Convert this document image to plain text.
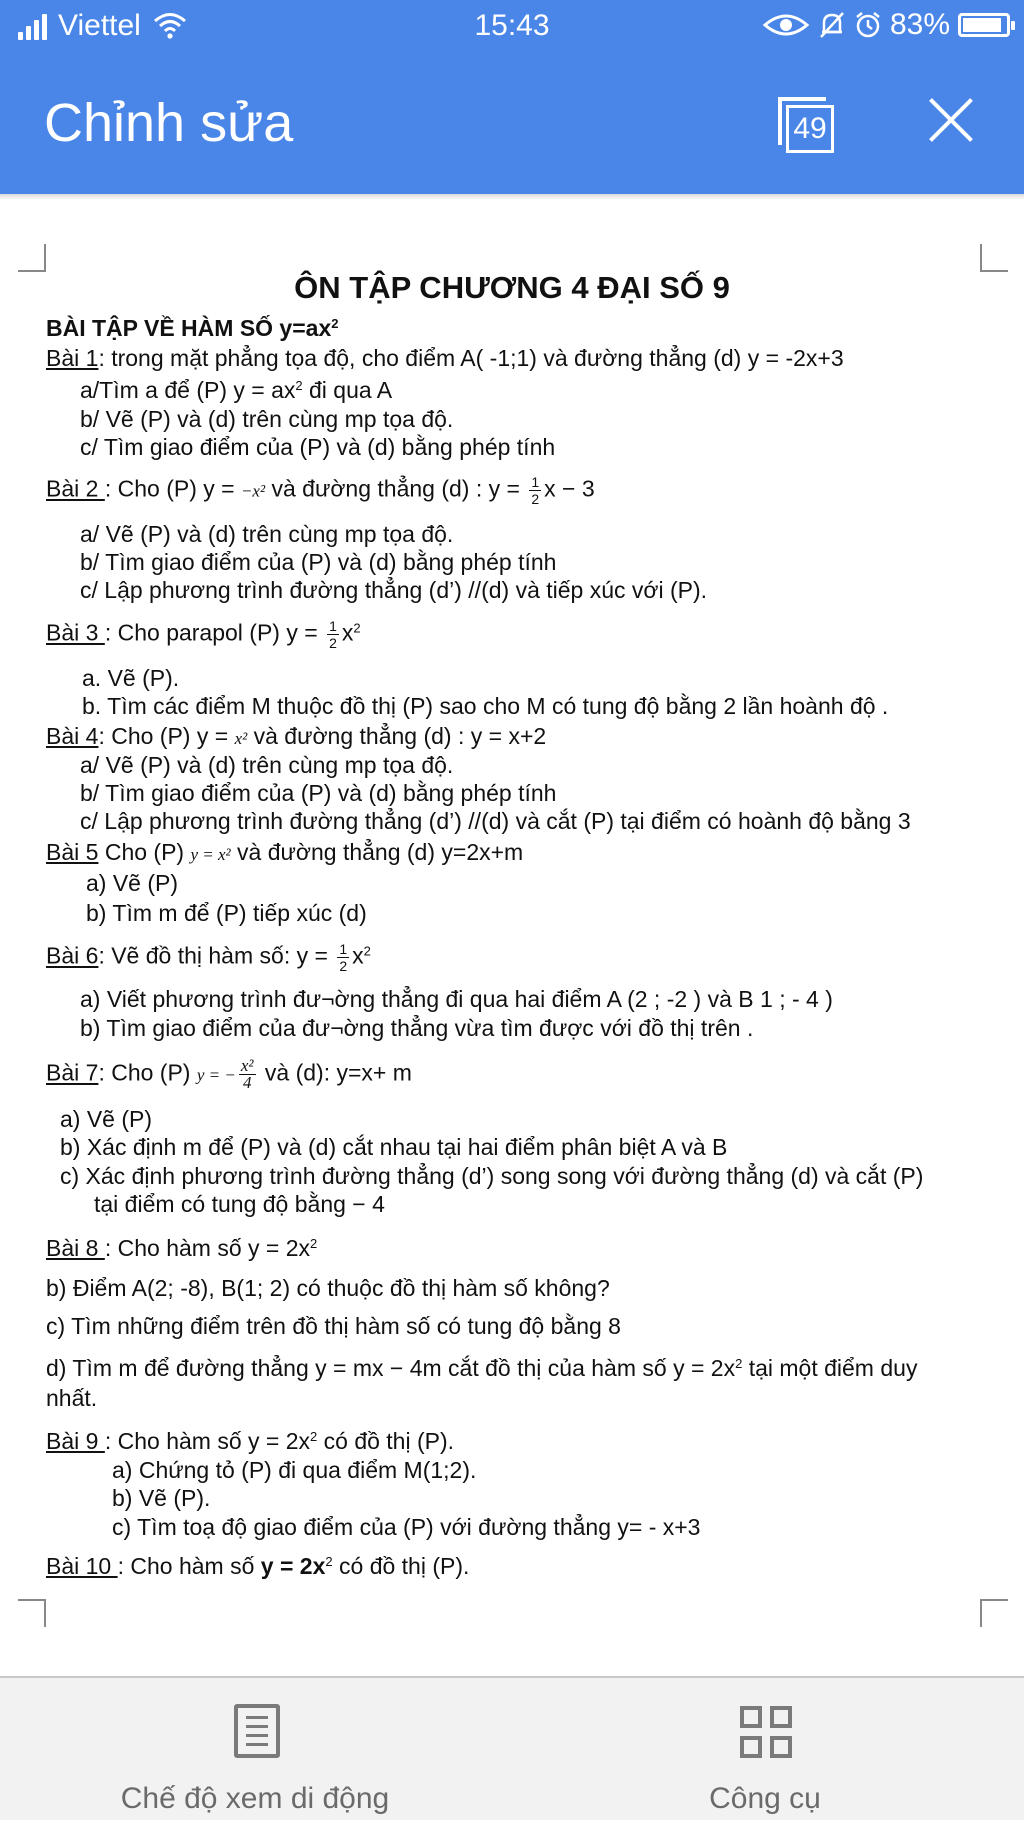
Viettel	15:43	83%
Chỉnh sửa	49
ÔN TẬP CHƯƠNG 4 ĐẠI SỐ 9
BÀI TẬP VỀ HÀM SỐ $y=ax^2$
Bài 1: trong mặt phẳng tọa độ, cho điểm A( -1;1) và đường thẳng (d) y = -2x+3
a/Tìm a để (P) $y = ax^2$ đi qua A
b/ Vẽ (P) và (d) trên cùng mp tọa độ.
c/ Tìm giao điểm của (P) và (d) bằng phép tính
Bài 2 : Cho (P) y = −x² và đường thẳng (d) : $y = \frac{1}{2}$ x − 3
a/ Vẽ (P) và (d) trên cùng mp tọa độ.
b/ Tìm giao điểm của (P) và (d) bằng phép tính
c/ Lập phương trình đường thẳng (d’) //(d) và tiếp xúc với (P).
Bài 3 : Cho parapol (P) $y = \frac{1}{2} x^2$
a. Vẽ (P).
b. Tìm các điểm M thuộc đồ thị (P) sao cho M có tung độ bằng 2 lần hoành độ .
Bài 4: Cho (P) y = x² và đường thẳng (d) : y = x+2
a/ Vẽ (P) và (d) trên cùng mp tọa độ.
b/ Tìm giao điểm của (P) và (d) bằng phép tính
c/ Lập phương trình đường thẳng (d’) //(d) và cắt (P) tại điểm có hoành độ bằng 3
Bài 5 Cho (P) y = x² và đường thẳng (d) y=2x+m
a) Vẽ (P)
b) Tìm m để (P) tiếp xúc (d)
Bài 6: Vẽ đồ thị hàm số: $y = \frac{1}{2} x^2$
a) Viết phương trình đư¬ờng thẳng đi qua hai điểm A (2 ; -2 ) và B 1 ; - 4 )
b) Tìm giao điểm của đư¬ờng thẳng vừa tìm được với đồ thị trên .
Bài 7: Cho (P) y = − $\frac{\text{x²}}{4}$ và (d): y=x+ m
a) Vẽ (P)
b) Xác định m để (P) và (d) cắt nhau tại hai điểm phân biệt A và B
c) Xác định phương trình đường thẳng (d’) song song với đường thẳng (d) và cắt (P)
tại điểm có tung độ bằng − 4
Bài 8 : Cho hàm số $y = 2x^2$
b) Điểm A(2; -8), B(1; 2) có thuộc đồ thị hàm số không?
c) Tìm những điểm trên đồ thị hàm số có tung độ bằng 8
d) Tìm m để đường thẳng y = mx − 4m cắt đồ thị của hàm số $y = 2x^2$ tại một điểm duy
nhất.
Bài 9 : Cho hàm số $y = 2x^2$ có đồ thị (P).
a) Chứng tỏ (P) đi qua điểm M(1;2).
b) Vẽ (P).
c) Tìm toạ độ giao điểm của (P) với đường thẳng y= - x+3
Bài 10 : Cho hàm số $y = 2x^2$ có đồ thị (P).
Chế độ xem di động	Công cụ
